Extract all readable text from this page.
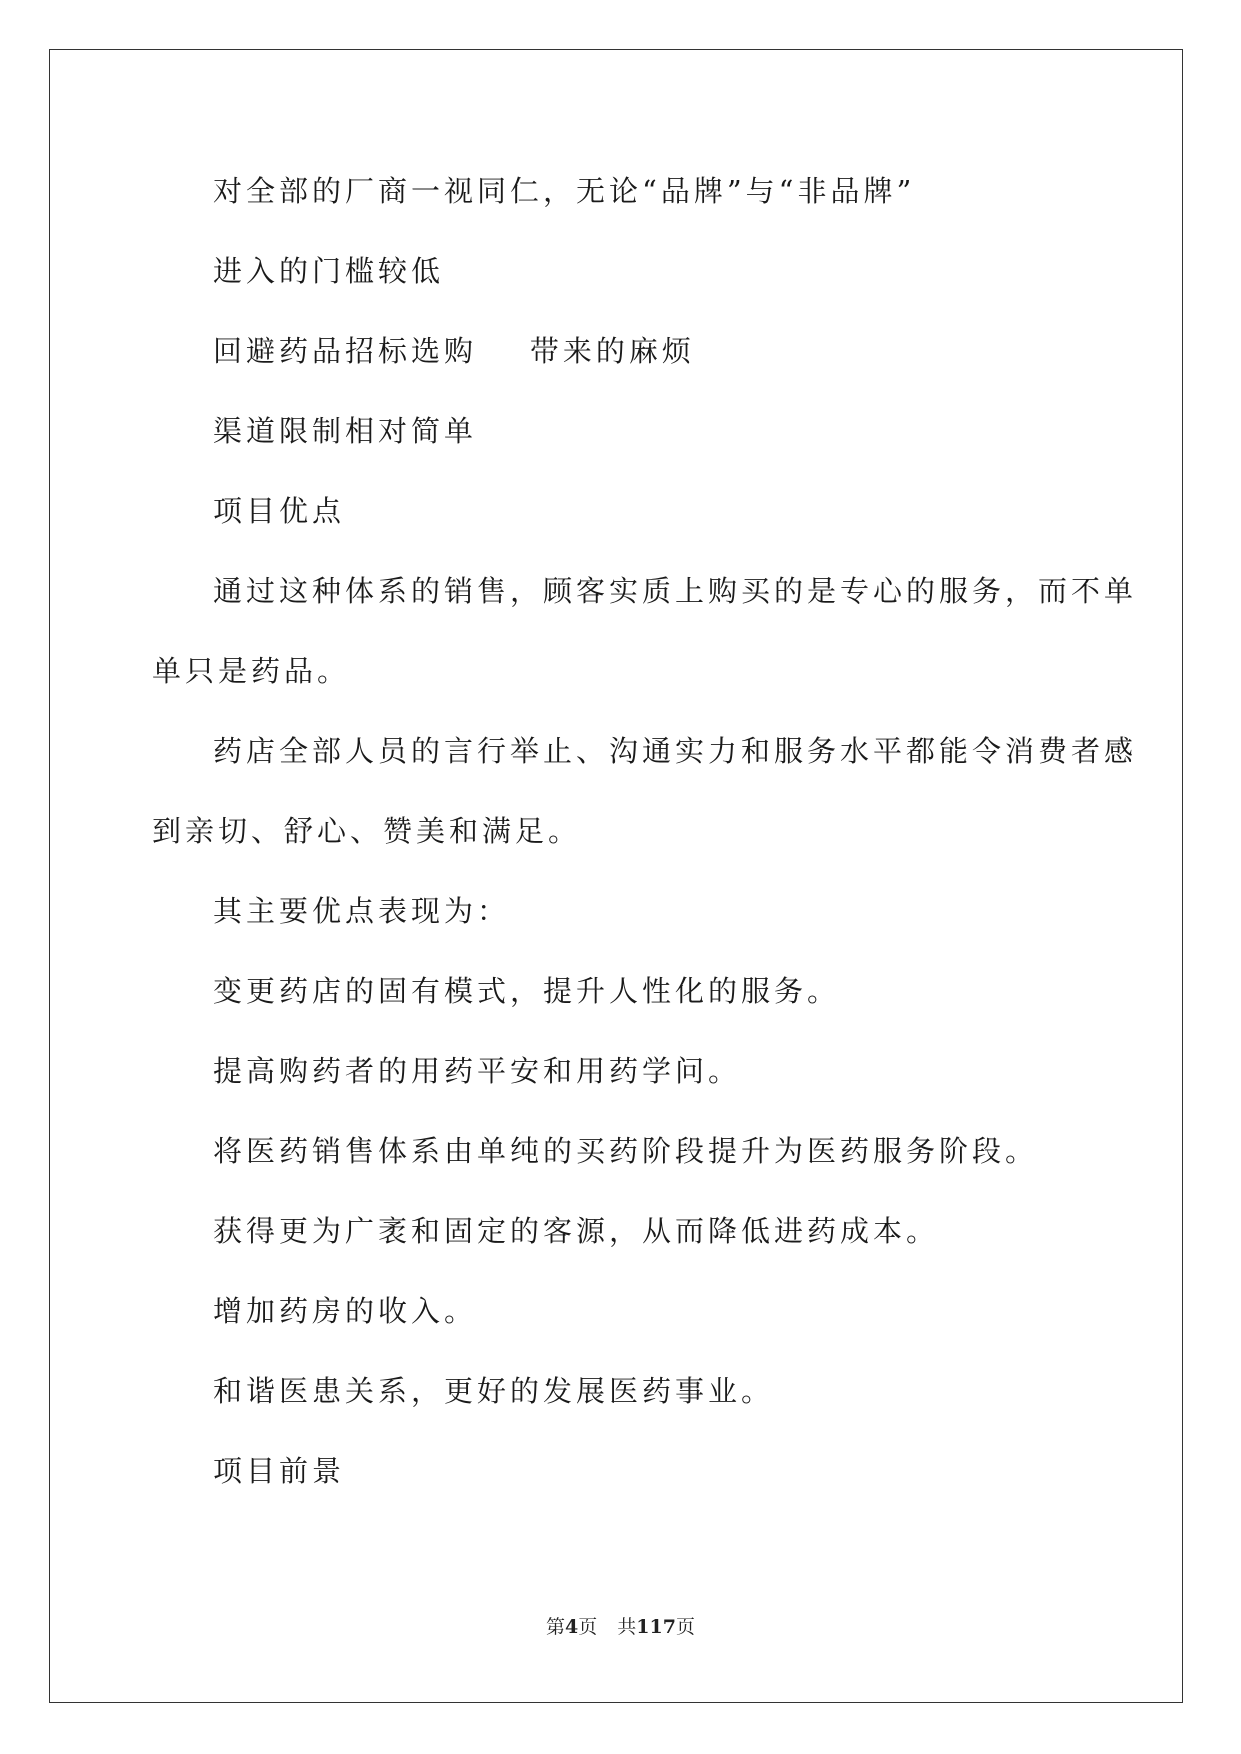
对全部的厂商一视同仁，无论“品牌”与“非品牌”
进入的门槛较低
回避药品招标选购    带来的麻烦
渠道限制相对简单
项目优点
通过这种体系的销售，顾客实质上购买的是专心的服务，而不单
单只是药品。
药店全部人员的言行举止、沟通实力和服务水平都能令消费者感
到亲切、舒心、赞美和满足。
其主要优点表现为：
变更药店的固有模式，提升人性化的服务。
提高购药者的用药平安和用药学问。
将医药销售体系由单纯的买药阶段提升为医药服务阶段。
获得更为广袤和固定的客源，从而降低进药成本。
增加药房的收入。
和谐医患关系，更好的发展医药事业。
项目前景
第4页 共117页
